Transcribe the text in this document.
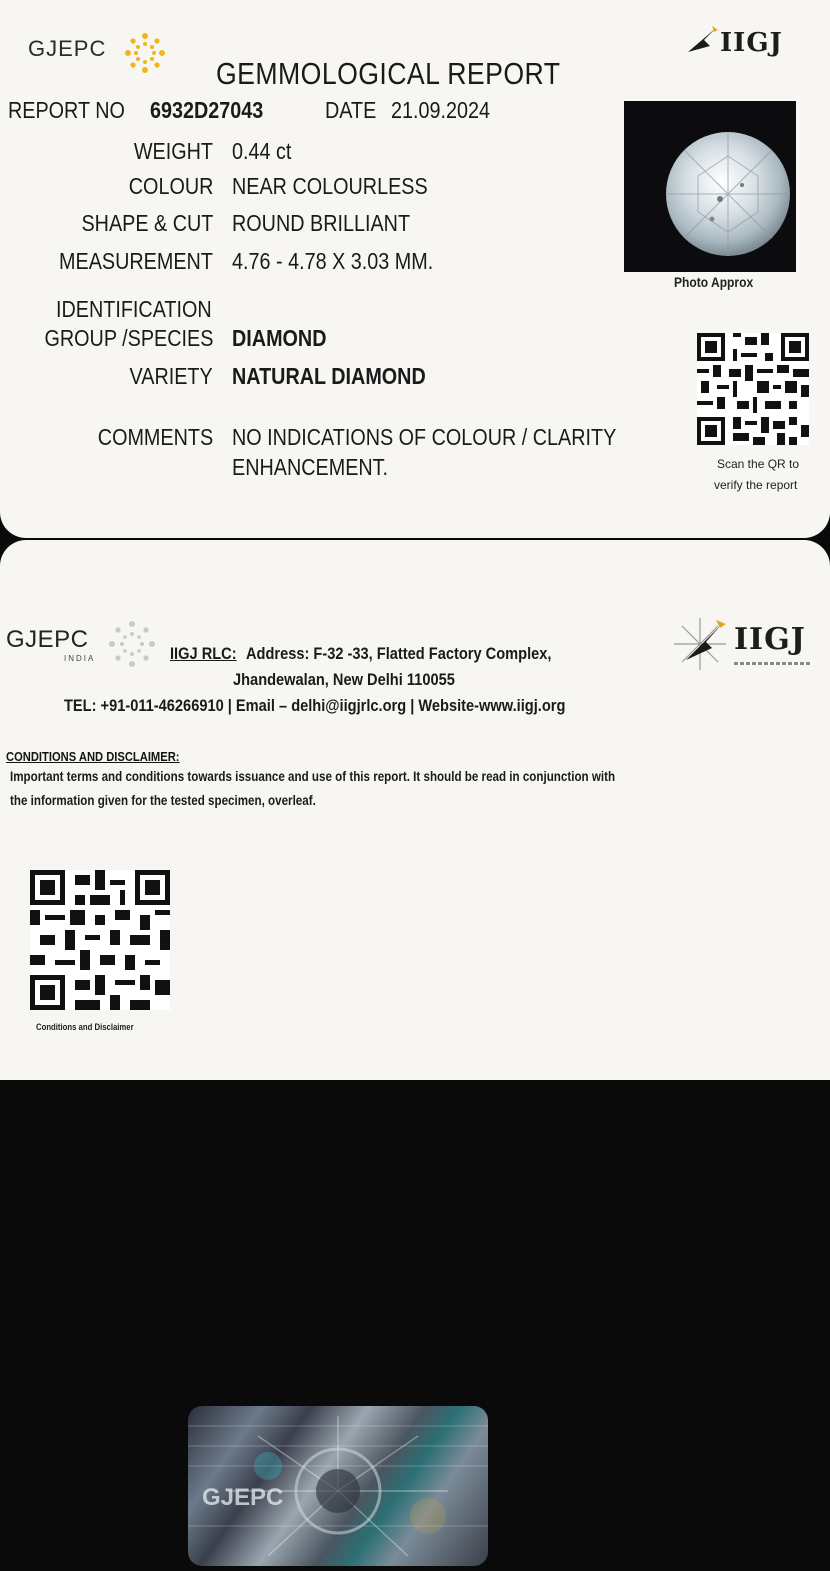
GJEPC	IIGJ
GEMMOLOGICAL REPORT
REPORT NO 6932D27043	DATE 21.09.2024
WEIGHT 0.44 ct
COLOUR NEAR COLOURLESS
SHAPE & CUT ROUND BRILLIANT
MEASUREMENT 4.76 - 4.78 X 3.03 MM.
IDENTIFICATION
GROUP /SPECIES DIAMOND
VARIETY NATURAL DIAMOND
COMMENTS NO INDICATIONS OF COLOUR / CLARITY
ENHANCEMENT.
Photo Approx
Scan the QR to
verify the report
GJEPC
INDIA
IIGJ
IIGJ RLC: Address: F-32 -33, Flatted Factory Complex,
Jhandewalan, New Delhi 110055
TEL: +91-011-46266910 | Email – delhi@iigjrlc.org | Website-www.iigj.org
CONDITIONS AND DISCLAIMER:
Important terms and conditions towards issuance and use of this report. It should be read in conjunction with
the information given for the tested specimen, overleaf.
Conditions and Disclaimer
GJEPC
